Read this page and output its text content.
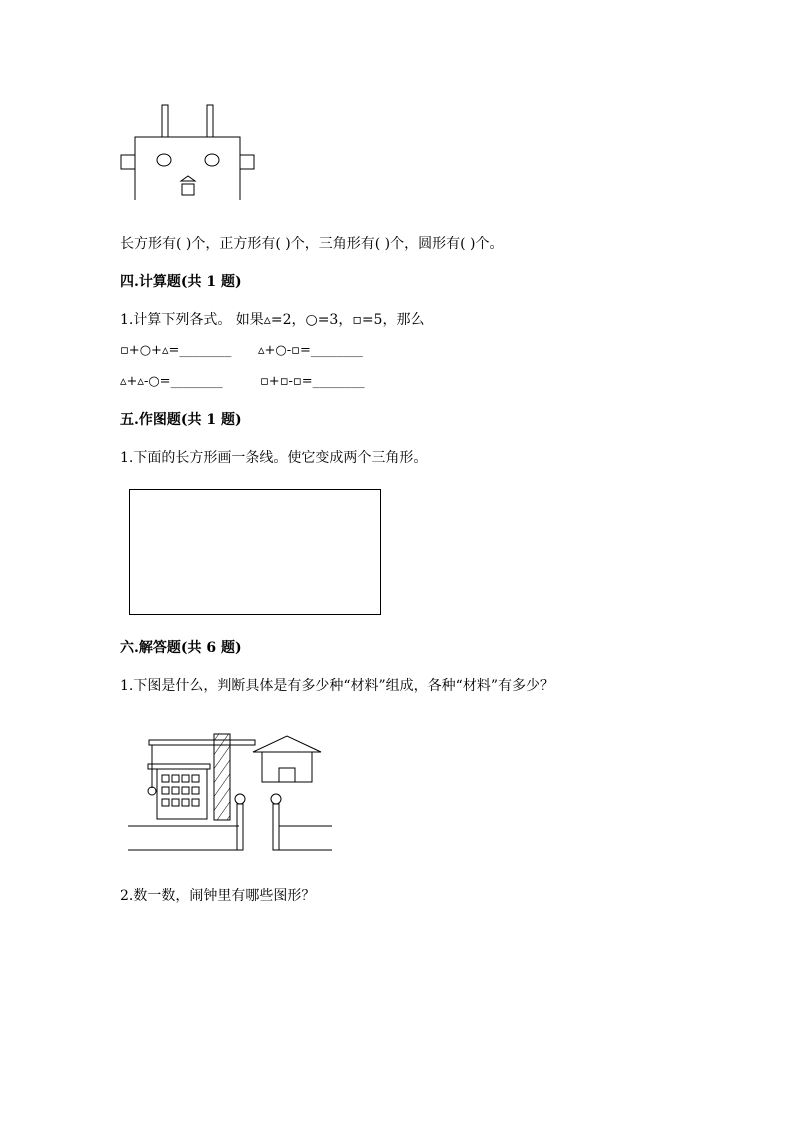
长方形有( )个，正方形有( )个，三角形有( )个，圆形有( )个。
四.计算题(共 1 题)
1.计算下列各式。 如果▵=2，○=3，▫=5，那么
▫+○+▵=________ ▵+○-▫=________
▵+▵-○=________	▫+▫-▫=________
五.作图题(共 1 题)
1.下面的长方形画一条线。使它变成两个三角形。
六.解答题(共 6 题)
1.下图是什么，判断具体是有多少种“材料”组成，各种“材料”有多少？
2.数一数，闹钟里有哪些图形？
